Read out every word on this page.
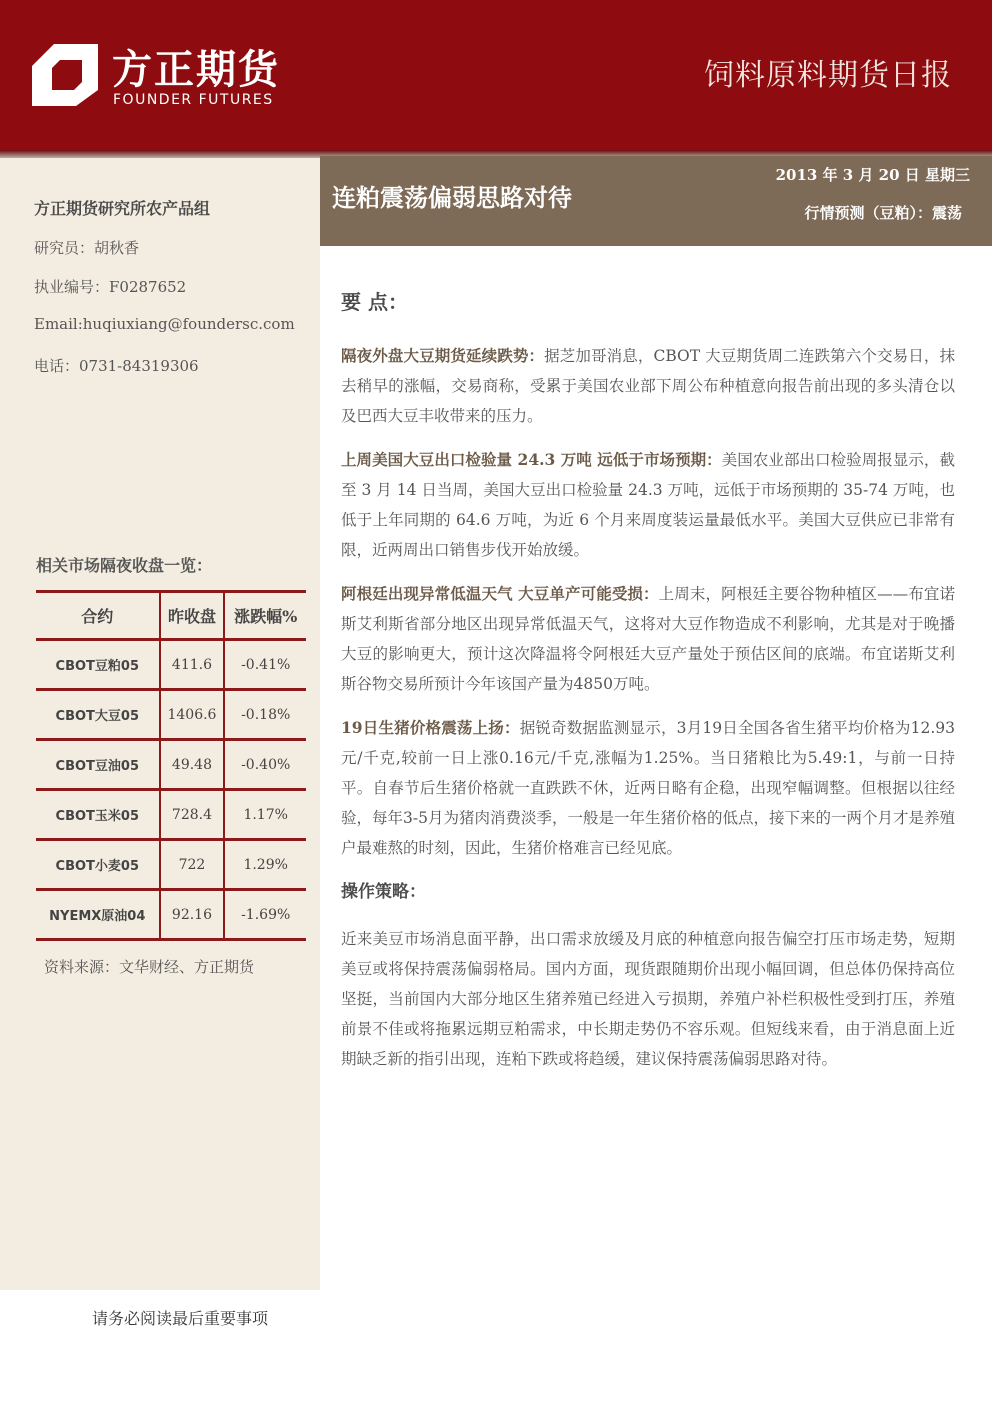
方正期货
FOUNDER FUTURES
饲料原料期货日报
连粕震荡偏弱思路对待
2013 年 3 月 20 日 星期三
行情预测（豆粕）：震荡
方正期货研究所农产品组
研究员：胡秋香
执业编号：F0287652
Email:huqiuxiang@foundersc.com
电话：0731-84319306
相关市场隔夜收盘一览：
合约	昨收盘	涨跌幅%
CBOT豆粕05	411.6	-0.41%
CBOT大豆05	1406.6	-0.18%
CBOT豆油05	49.48	-0.40%
CBOT玉米05	728.4	1.17%
CBOT小麦05	722	1.29%
NYEMX原油04	92.16	-1.69%
资料来源：文华财经、方正期货
请务必阅读最后重要事项
要 点：

隔夜外盘大豆期货延续跌势：据芝加哥消息，CBOT 大豆期货周二连跌第六个交易日，抹去稍早的涨幅，交易商称，受累于美国农业部下周公布种植意向报告前出现的多头清仓以及巴西大豆丰收带来的压力。

上周美国大豆出口检验量 24.3 万吨 远低于市场预期：美国农业部出口检验周报显示，截至 3 月 14 日当周，美国大豆出口检验量 24.3 万吨，远低于市场预期的 35-74 万吨，也低于上年同期的 64.6 万吨，为近 6 个月来周度装运量最低水平。美国大豆供应已非常有限，近两周出口销售步伐开始放缓。

阿根廷出现异常低温天气 大豆单产可能受损：上周末，阿根廷主要谷物种植区——布宜诺斯艾利斯省部分地区出现异常低温天气，这将对大豆作物造成不利影响，尤其是对于晚播大豆的影响更大，预计这次降温将令阿根廷大豆产量处于预估区间的底端。布宜诺斯艾利斯谷物交易所预计今年该国产量为4850万吨。

19日生猪价格震荡上扬：据锐奇数据监测显示，3月19日全国各省生猪平均价格为12.93元/千克,较前一日上涨0.16元/千克,涨幅为1.25%。当日猪粮比为5.49:1，与前一日持平。自春节后生猪价格就一直跌跌不休，近两日略有企稳，出现窄幅调整。但根据以往经验，每年3-5月为猪肉消费淡季，一般是一年生猪价格的低点，接下来的一两个月才是养殖户最难熬的时刻，因此，生猪价格难言已经见底。

操作策略：

近来美豆市场消息面平静，出口需求放缓及月底的种植意向报告偏空打压市场走势，短期美豆或将保持震荡偏弱格局。国内方面，现货跟随期价出现小幅回调，但总体仍保持高位坚挺，当前国内大部分地区生猪养殖已经进入亏损期，养殖户补栏积极性受到打压，养殖前景不佳或将拖累远期豆粕需求，中长期走势仍不容乐观。但短线来看，由于消息面上近期缺乏新的指引出现，连粕下跌或将趋缓，建议保持震荡偏弱思路对待。
